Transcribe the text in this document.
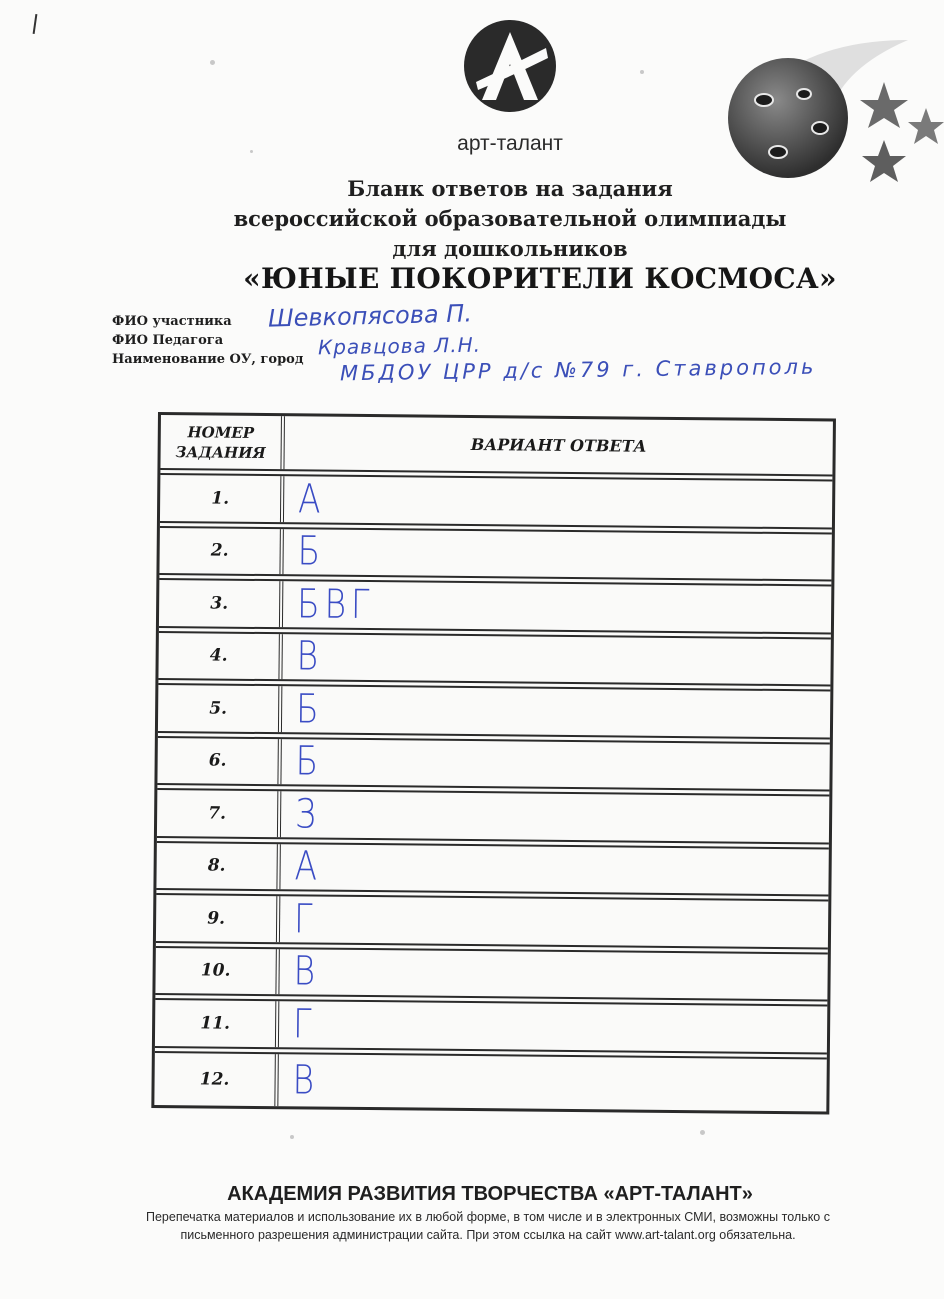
арт-талант
Бланк ответов на задания
всероссийской образовательной олимпиады
для дошкольников
«ЮНЫЕ ПОКОРИТЕЛИ КОСМОСА»
ФИО участника
ФИО Педагога
Наименование ОУ, город
Шевкопясова П.
Кравцова Л.Н.
МБДОУ ЦРР д/с №79 г. Ставрополь
НОМЕР
ЗАДАНИЯ	ВАРИАНТ ОТВЕТА
1. А
2. Б
3. БВГ
4. В
5. Б
6. Б
7. З
8. А
9. Г
10. В
11. Г
12. В
АКАДЕМИЯ РАЗВИТИЯ ТВОРЧЕСТВА «АРТ-ТАЛАНТ»
Перепечатка материалов и использование их в любой форме, в том числе и в электронных СМИ, возможны только с
письменного разрешения администрации сайта. При этом ссылка на сайт www.art-talant.org обязательна.
